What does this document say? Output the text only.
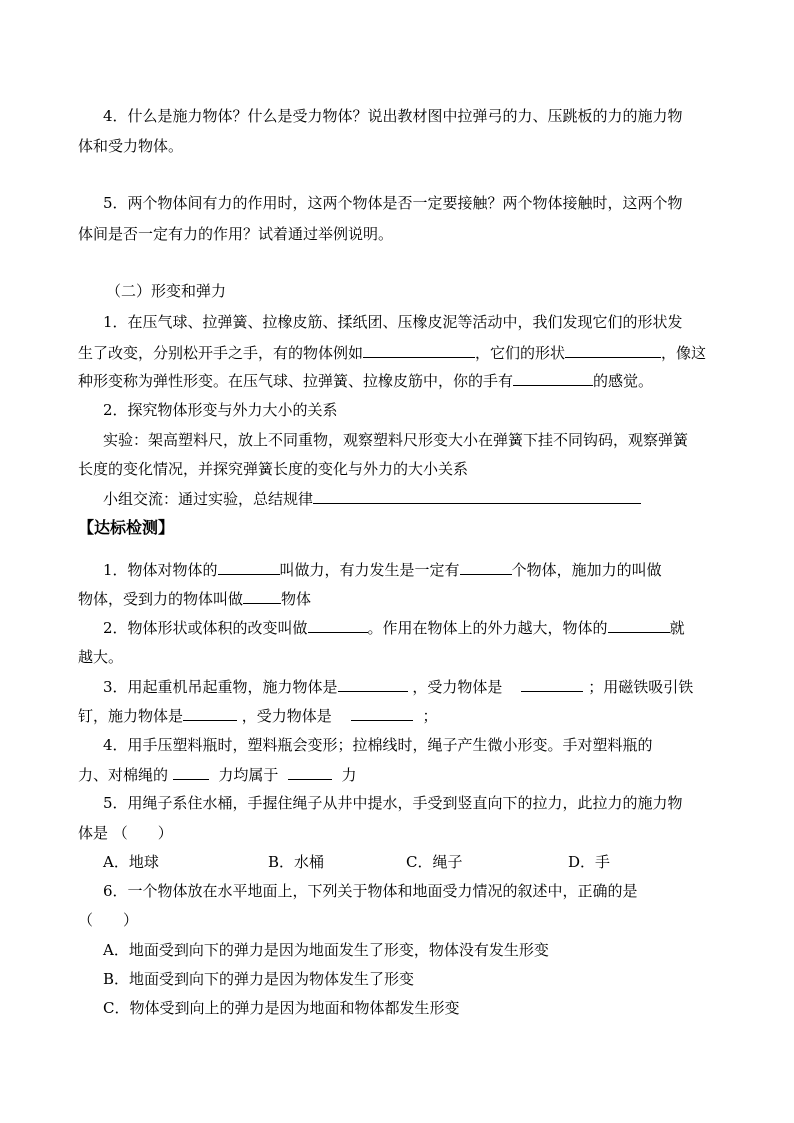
4．什么是施力物体？什么是受力物体？说出教材图中拉弹弓的力、压跳板的力的施力物
体和受力物体。
5．两个物体间有力的作用时，这两个物体是否一定要接触？两个物体接触时，这两个物
体间是否一定有力的作用？试着通过举例说明。
（二）形变和弹力
1．在压气球、拉弹簧、拉橡皮筋、揉纸团、压橡皮泥等活动中，我们发现它们的形状发
生了改变，分别松开手之手，有的物体例如	，它们的形状	，像这
种形变称为弹性形变。在压气球、拉弹簧、拉橡皮筋中，你的手有	的感觉。
2．探究物体形变与外力大小的关系
实验：架高塑料尺，放上不同重物，观察塑料尺形变大小在弹簧下挂不同钩码，观察弹簧
长度的变化情况，并探究弹簧长度的变化与外力的大小关系
小组交流：通过实验，总结规律
【达标检测】
1．物体对物体的	叫做力，有力发生是一定有	个物体，施加力的叫做
物体，受到力的物体叫做	物体
2．物体形状或体积的改变叫做	。作用在物体上的外力越大，物体的	就
越大。
3．用起重机吊起重物，施力物体是	，受力物体是	；用磁铁吸引铁
钉，施力物体是	，受力物体是	；
4．用手压塑料瓶时，塑料瓶会变形；拉棉线时，绳子产生微小形变。手对塑料瓶的
力、对棉绳的	力均属于	力
5．用绳子系住水桶，手握住绳子从井中提水，手受到竖直向下的拉力，此拉力的施力物
体是 （　　）
A．地球	B．水桶	C．绳子	D．手
6．一个物体放在水平地面上，下列关于物体和地面受力情况的叙述中，正确的是
（　　）
A．地面受到向下的弹力是因为地面发生了形变，物体没有发生形变
B．地面受到向下的弹力是因为物体发生了形变
C．物体受到向上的弹力是因为地面和物体都发生形变
